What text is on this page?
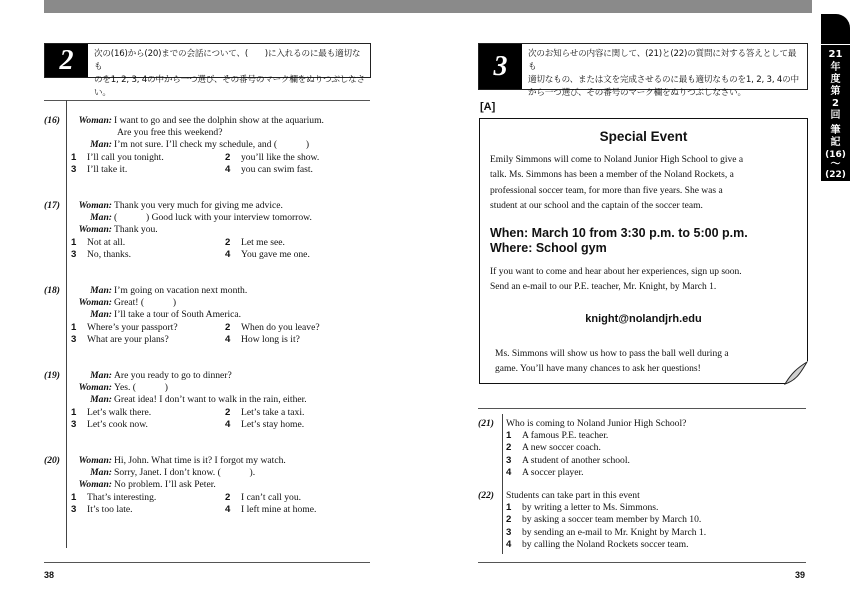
21
年
度
第
2
回
筆
記
(16)
〜
(22)
2	次の(16)から(20)までの会話について、(　　)に入れるのに最も適切なも
のを1, 2, 3, 4の中から一つ選び、その番号のマーク欄をぬりつぶしなさい。
(16)	Woman: I want to go and see the dolphin show at the aquarium.
Are you free this weekend?
Man: I’m not sure. I’ll check my schedule, and (　　　)
1 I’ll call you tonight.	2 you’ll like the show.
3 I’ll take it.	4 you can swim fast.
(17)	Woman: Thank you very much for giving me advice.
Man: (　　　) Good luck with your interview tomorrow.
Woman: Thank you.
1 Not at all.	2 Let me see.
3 No, thanks.	4 You gave me one.
(18)	Man: I’m going on vacation next month.
Woman: Great! (　　　)
Man: I’ll take a tour of South America.
1 Where’s your passport?	2 When do you leave?
3 What are your plans?	4 How long is it?
(19)	Man: Are you ready to go to dinner?
Woman: Yes. (　　　)
Man: Great idea! I don’t want to walk in the rain, either.
1 Let’s walk there.	2 Let’s take a taxi.
3 Let’s cook now.	4 Let’s stay home.
(20)	Woman: Hi, John. What time is it? I forgot my watch.
Man: Sorry, Janet. I don’t know. (　　　).
Woman: No problem. I’ll ask Peter.
1 That’s interesting.	2 I can’t call you.
3 It’s too late.	4 I left mine at home.
38
3	次のお知らせの内容に関して、(21)と(22)の質問に対する答えとして最も
適切なもの、または文を完成させるのに最も適切なものを1, 2, 3, 4の中
から一つ選び、その番号のマーク欄をぬりつぶしなさい。
[A]
Special Event
Emily Simmons will come to Noland Junior High School to give a
talk. Ms. Simmons has been a member of the Noland Rockets, a
professional soccer team, for more than five years. She was a
student at our school and the captain of the soccer team.
When: March 10 from 3:30 p.m. to 5:00 p.m.
Where: School gym
If you want to come and hear about her experiences, sign up soon.
Send an e-mail to our P.E. teacher, Mr. Knight, by March 1.
knight@nolandjrh.edu
Ms. Simmons will show us how to pass the ball well during a
game. You’ll have many chances to ask her questions!
(21) Who is coming to Noland Junior High School?
1 A famous P.E. teacher.
2 A new soccer coach.
3 A student of another school.
4 A soccer player.
(22) Students can take part in this event
1 by writing a letter to Ms. Simmons.
2 by asking a soccer team member by March 10.
3 by sending an e-mail to Mr. Knight by March 1.
4 by calling the Noland Rockets soccer team.
39
